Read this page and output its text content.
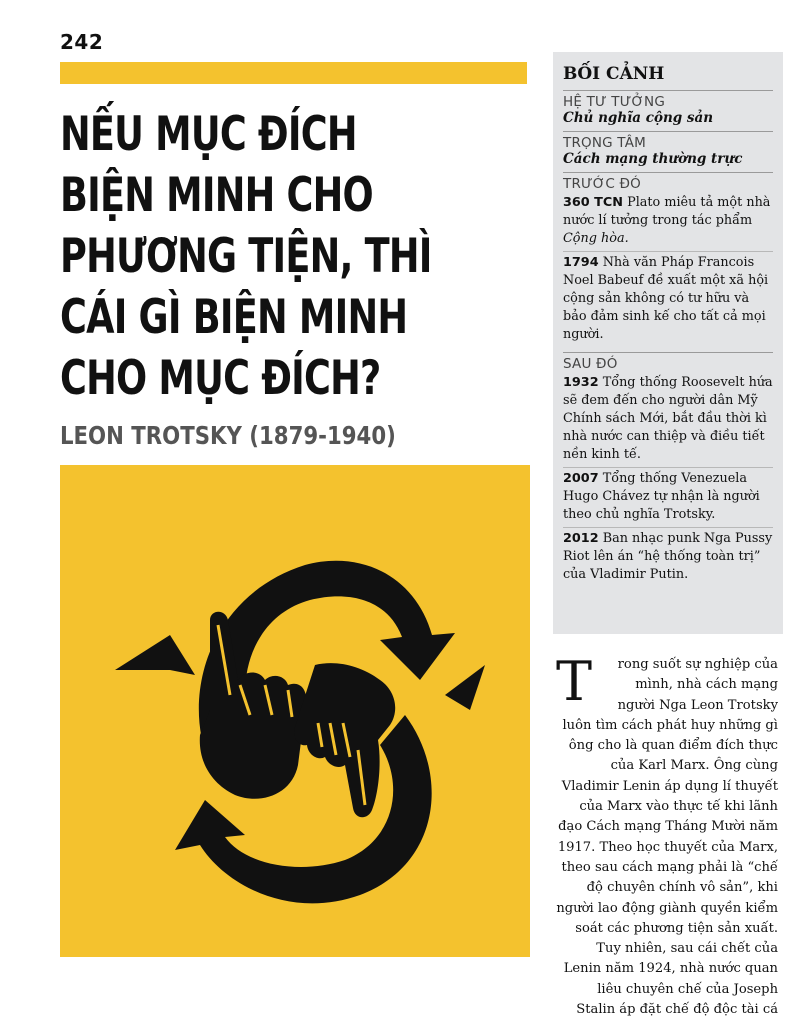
242
NẾU MỤC ĐÍCH
BIỆN MINH CHO
PHƯƠNG TIỆN, THÌ
CÁI GÌ BIỆN MINH
CHO MỤC ĐÍCH?
LEON TROTSKY (1879-1940)
BỐI CẢNH
HỆ TƯ TƯỞNG
Chủ nghĩa cộng sản
TRỌNG TÂM
Cách mạng thường trực
TRƯỚC ĐÓ
360 TCN Plato miêu tả một nhà nước lí tưởng trong tác phẩm Cộng hòa.
1794 Nhà văn Pháp Francois Noel Babeuf đề xuất một xã hội cộng sản không có tư hữu và bảo đảm sinh kế cho tất cả mọi người.
SAU ĐÓ
1932 Tổng thống Roosevelt hứa sẽ đem đến cho người dân Mỹ Chính sách Mới, bắt đầu thời kì nhà nước can thiệp và điều tiết nền kinh tế.
2007 Tổng thống Venezuela Hugo Chávez tự nhận là người theo chủ nghĩa Trotsky.
2012 Ban nhạc punk Nga Pussy Riot lên án “hệ thống toàn trị” của Vladimir Putin.
T rong suốt sự nghiệp của mình, nhà cách mạng người Nga Leon Trotsky luôn tìm cách phát huy những gì ông cho là quan điểm đích thực của Karl Marx. Ông cùng Vladimir Lenin áp dụng lí thuyết của Marx vào thực tế khi lãnh đạo Cách mạng Tháng Mười năm 1917. Theo học thuyết của Marx, theo sau cách mạng phải là “chế độ chuyên chính vô sản”, khi người lao động giành quyền kiểm soát các phương tiện sản xuất. Tuy nhiên, sau cái chết của Lenin năm 1924, nhà nước quan liêu chuyên chế của Joseph Stalin áp đặt chế độ độc tài cá
